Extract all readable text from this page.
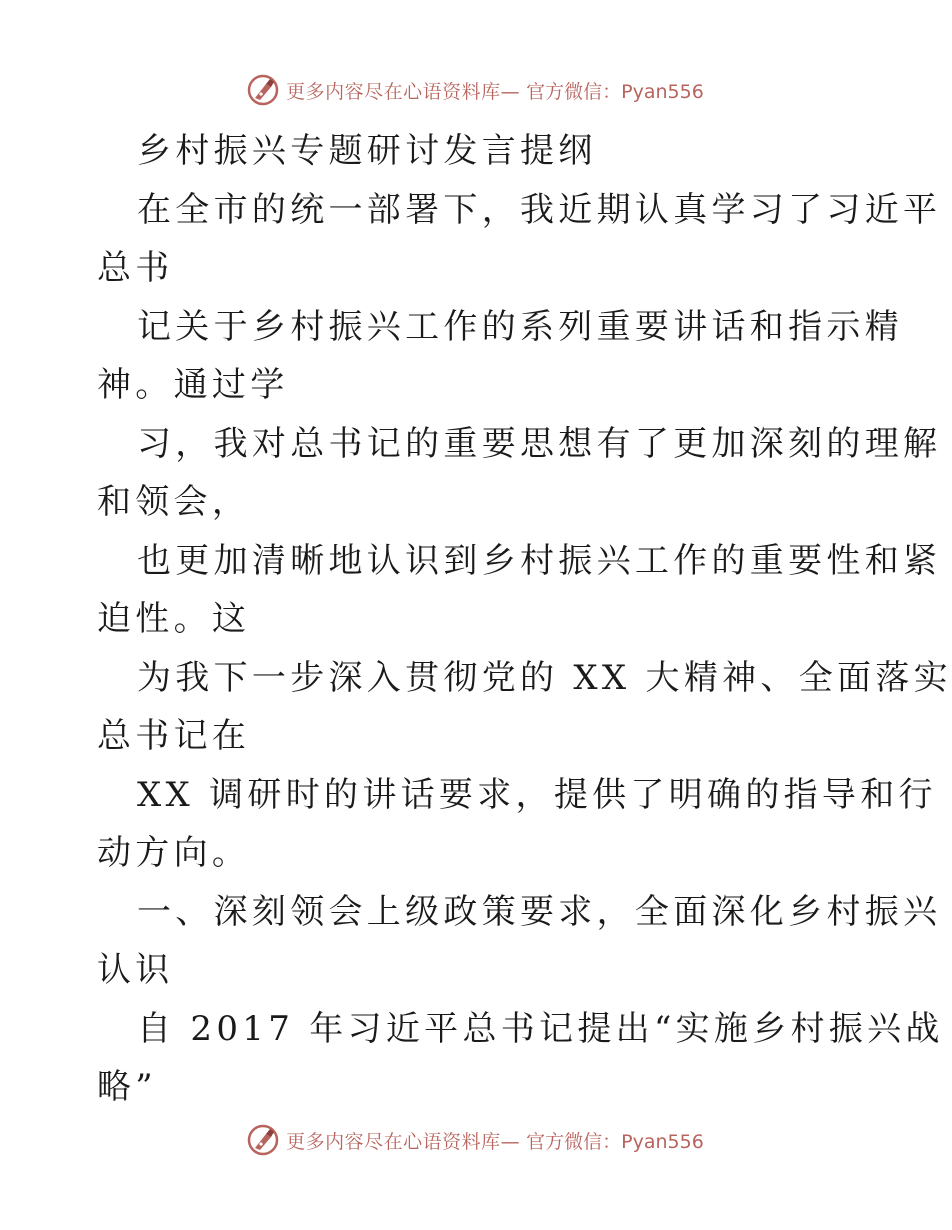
更多内容尽在心语资料库— 官方微信：Pyan556
乡村振兴专题研讨发言提纲
在全市的统一部署下，我近期认真学习了习近平
总书
记关于乡村振兴工作的系列重要讲话和指示精
神。通过学
习，我对总书记的重要思想有了更加深刻的理解
和领会，
也更加清晰地认识到乡村振兴工作的重要性和紧
迫性。这
为我下一步深入贯彻党的 XX 大精神、全面落实
总书记在
XX 调研时的讲话要求，提供了明确的指导和行
动方向。
一、深刻领会上级政策要求，全面深化乡村振兴
认识
自 2017 年习近平总书记提出“实施乡村振兴战
略”
更多内容尽在心语资料库— 官方微信：Pyan556
